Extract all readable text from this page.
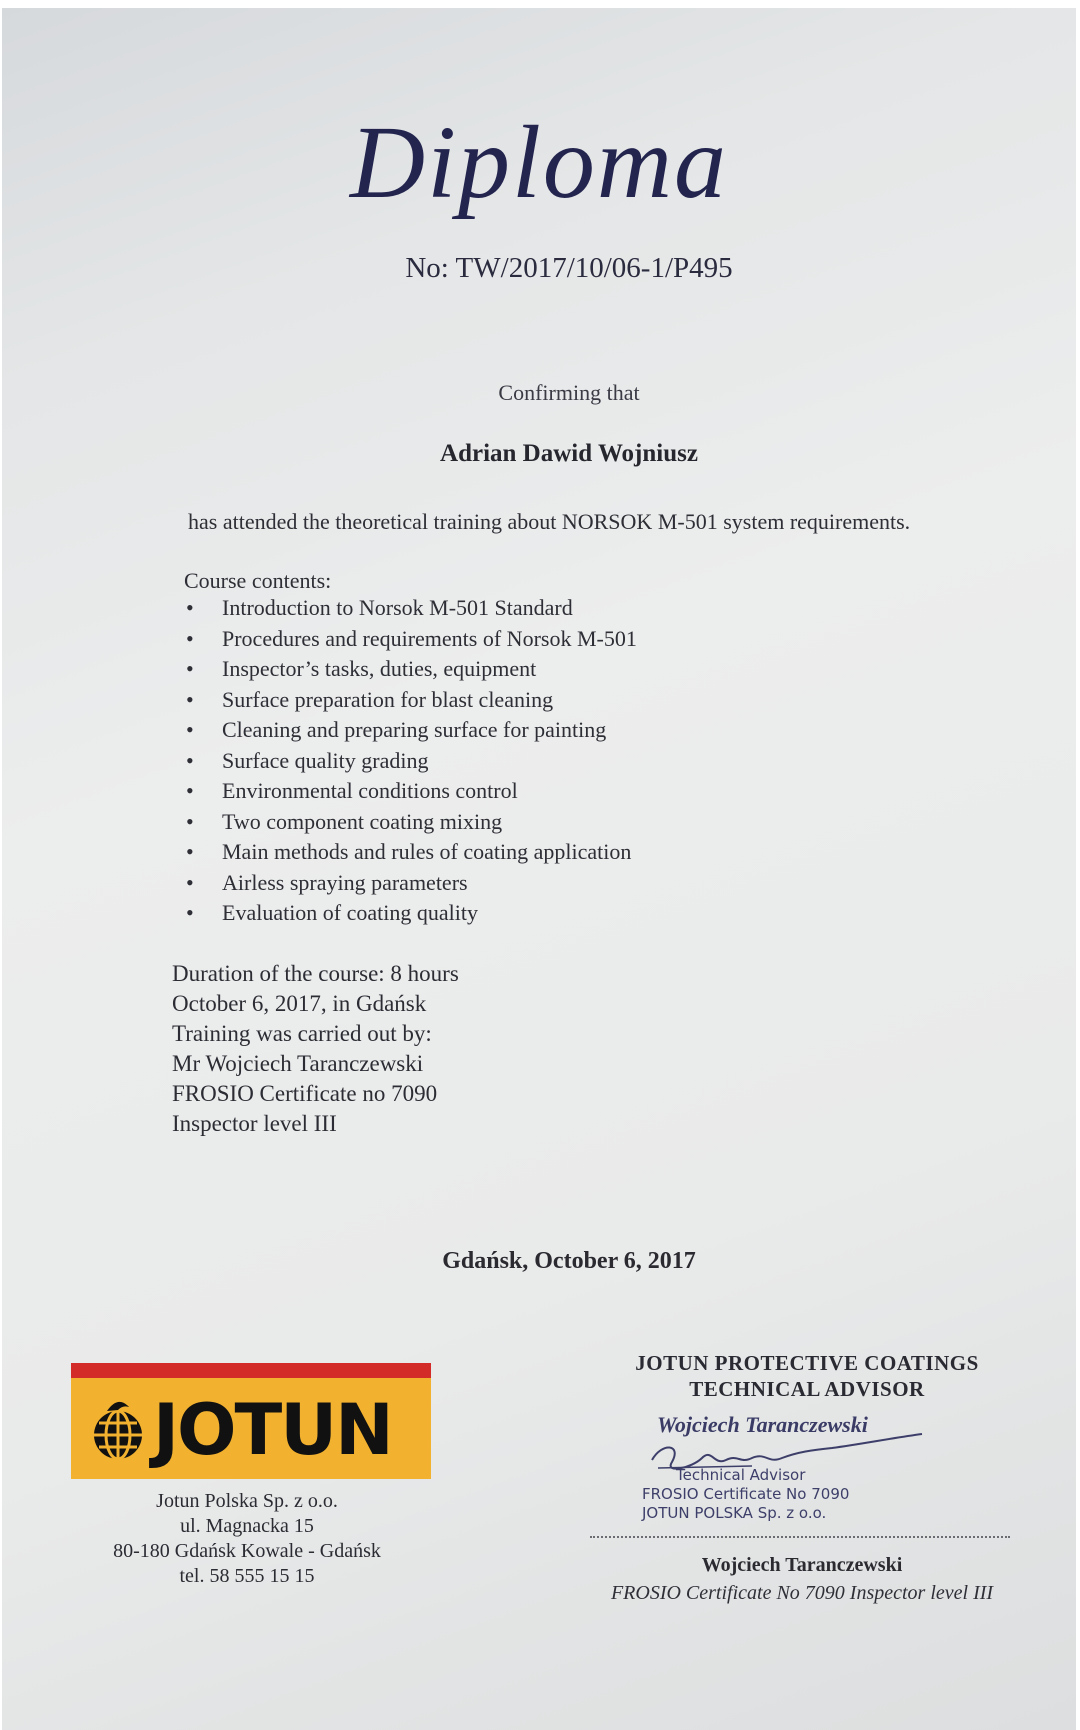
Diploma
No: TW/2017/10/06-1/P495
Confirming that
Adrian Dawid Wojniusz
has attended the theoretical training about NORSOK M-501 system requirements.
Course contents:
• Introduction to Norsok M-501 Standard
• Procedures and requirements of Norsok M-501
• Inspector’s tasks, duties, equipment
• Surface preparation for blast cleaning
• Cleaning and preparing surface for painting
• Surface quality grading
• Environmental conditions control
• Two component coating mixing
• Main methods and rules of coating application
• Airless spraying parameters
• Evaluation of coating quality
Duration of the course: 8 hours
October 6, 2017, in Gdańsk
Training was carried out by:
Mr Wojciech Taranczewski
FROSIO Certificate no 7090
Inspector level III
Gdańsk, October 6, 2017
JOTUN
Jotun Polska Sp. z o.o.
ul. Magnacka 15
80-180 Gdańsk Kowale - Gdańsk
tel. 58 555 15 15
JOTUN PROTECTIVE COATINGS
TECHNICAL ADVISOR
Wojciech Taranczewski
Technical Advisor
FROSIO Certificate No 7090
JOTUN POLSKA Sp. z o.o.
Wojciech Taranczewski
FROSIO Certificate No 7090 Inspector level III
